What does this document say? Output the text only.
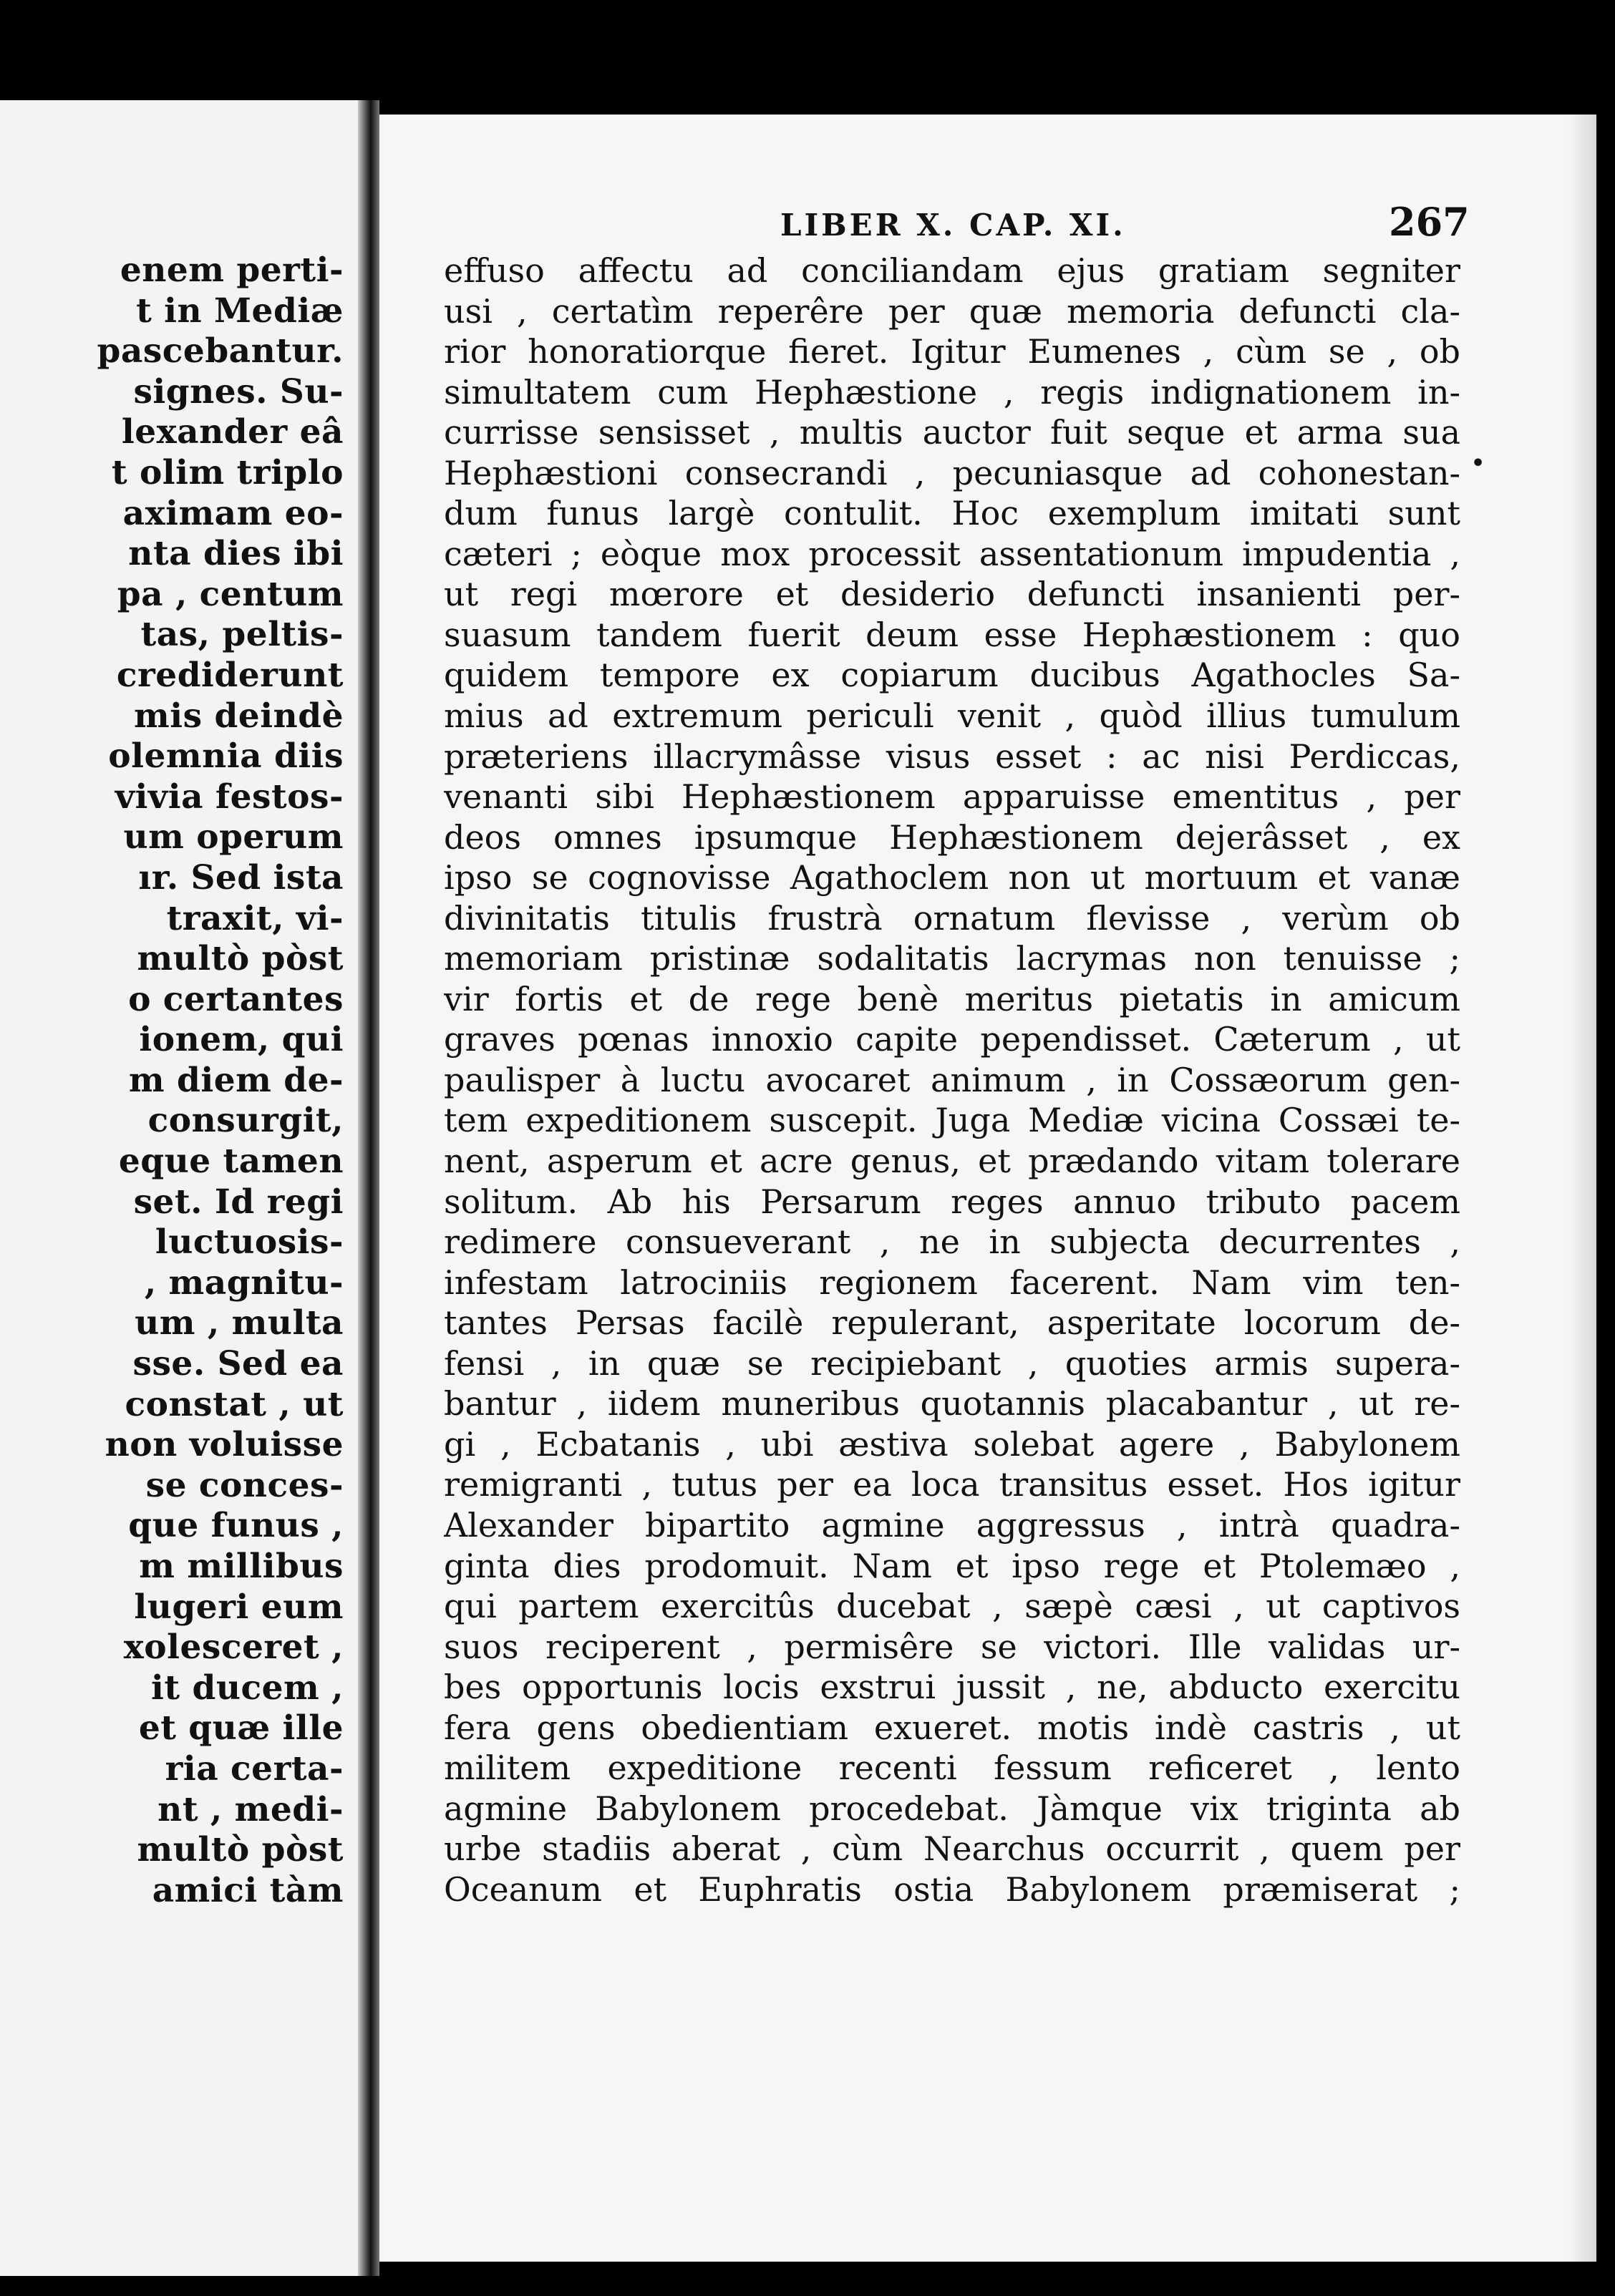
enem perti-
t in Mediæ
pascebantur.
signes. Su-
lexander eâ
t olim triplo
aximam eo-
nta dies ibi
pa , centum
tas, peltis-
crediderunt
mis deindè
olemnia diis
vivia festos-
um operum
ır. Sed ista
traxit, vi-
multò pòst
o certantes
ionem, qui
m diem de-
consurgit,
eque tamen
set. Id regi
luctuosis-
, magnitu-
um , multa
sse. Sed ea
constat , ut
non voluisse
se conces-
que funus ,
m millibus
lugeri eum
xolesceret ,
it ducem ,
et quæ ille
ria certa-
nt , medi-
multò pòst
amici tàm
LIBER X. CAP. XI.	267
effuso affectu ad conciliandam ejus gratiam segniter
usi , certatìm reperêre per quæ memoria defuncti cla-
rior honoratiorque fieret. Igitur Eumenes , cùm se , ob
simultatem cum Hephæstione , regis indignationem in-
currisse sensisset , multis auctor fuit seque et arma sua
Hephæstioni consecrandi , pecuniasque ad cohonestan-
dum funus largè contulit. Hoc exemplum imitati sunt
cæteri ; eòque mox processit assentationum impudentia ,
ut regi mœrore et desiderio defuncti insanienti per-
suasum tandem fuerit deum esse Hephæstionem : quo
quidem tempore ex copiarum ducibus Agathocles Sa-
mius ad extremum periculi venit , quòd illius tumulum
præteriens illacrymâsse visus esset : ac nisi Perdiccas,
venanti sibi Hephæstionem apparuisse ementitus , per
deos omnes ipsumque Hephæstionem dejerâsset , ex
ipso se cognovisse Agathoclem non ut mortuum et vanæ
divinitatis titulis frustrà ornatum flevisse , verùm ob
memoriam pristinæ sodalitatis lacrymas non tenuisse ;
vir fortis et de rege benè meritus pietatis in amicum
graves pœnas innoxio capite pependisset. Cæterum , ut
paulisper à luctu avocaret animum , in Cossæorum gen-
tem expeditionem suscepit. Juga Mediæ vicina Cossæi te-
nent, asperum et acre genus, et prædando vitam tolerare
solitum. Ab his Persarum reges annuo tributo pacem
redimere consueverant , ne in subjecta decurrentes ,
infestam latrociniis regionem facerent. Nam vim ten-
tantes Persas facilè repulerant, asperitate locorum de-
fensi , in quæ se recipiebant , quoties armis supera-
bantur , iidem muneribus quotannis placabantur , ut re-
gi , Ecbatanis , ubi æstiva solebat agere , Babylonem
remigranti , tutus per ea loca transitus esset. Hos igitur
Alexander bipartito agmine aggressus , intrà quadra-
ginta dies prodomuit. Nam et ipso rege et Ptolemæo ,
qui partem exercitûs ducebat , sæpè cæsi , ut captivos
suos reciperent , permisêre se victori. Ille validas ur-
bes opportunis locis exstrui jussit , ne, abducto exercitu
fera gens obedientiam exueret. motis indè castris , ut
militem expeditione recenti fessum reficeret , lento
agmine Babylonem procedebat. Jàmque vix triginta ab
urbe stadiis aberat , cùm Nearchus occurrit , quem per
Oceanum et Euphratis ostia Babylonem præmiserat ;
•
